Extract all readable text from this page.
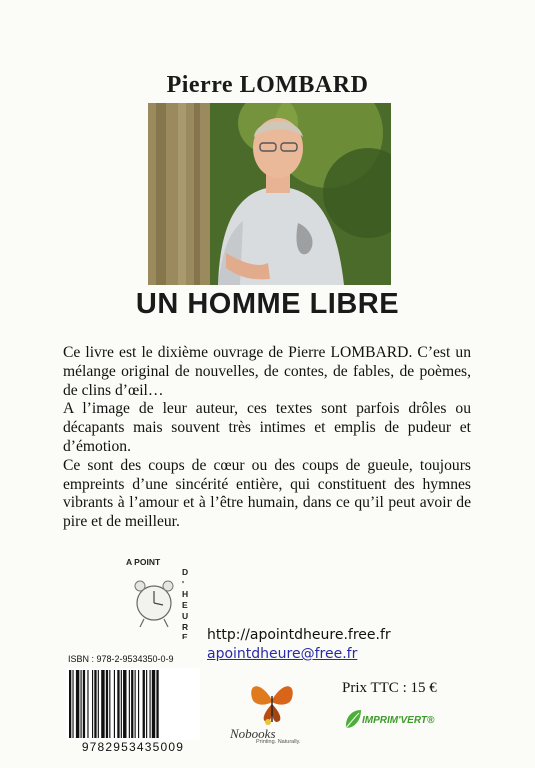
Pierre LOMBARD
UN HOMME LIBRE

Ce livre est le dixième ouvrage de Pierre LOMBARD. C’est un mélange original de nouvelles, de contes, de fables, de poèmes, de clins d’œil…

A l’image de leur auteur, ces textes sont parfois drôles ou décapants mais souvent très intimes et emplis de pudeur et d’émotion.

Ce sont des coups de cœur ou des coups de gueule, toujours empreints d’une sincérité entière, qui constituent des hymnes vibrants à l’amour et à l’être humain, dans ce qu’il peut avoir de pire et de meilleur.

A POINT
D
'
H
E
U
R
E http://apointdheure.free.fr
apointdheure@free.fr
ISBN : 978-2-9534350-0-9
9782953435009
Nobooks
Printing. Naturally.
Prix TTC : 15 €
IMPRIM'VERT®
